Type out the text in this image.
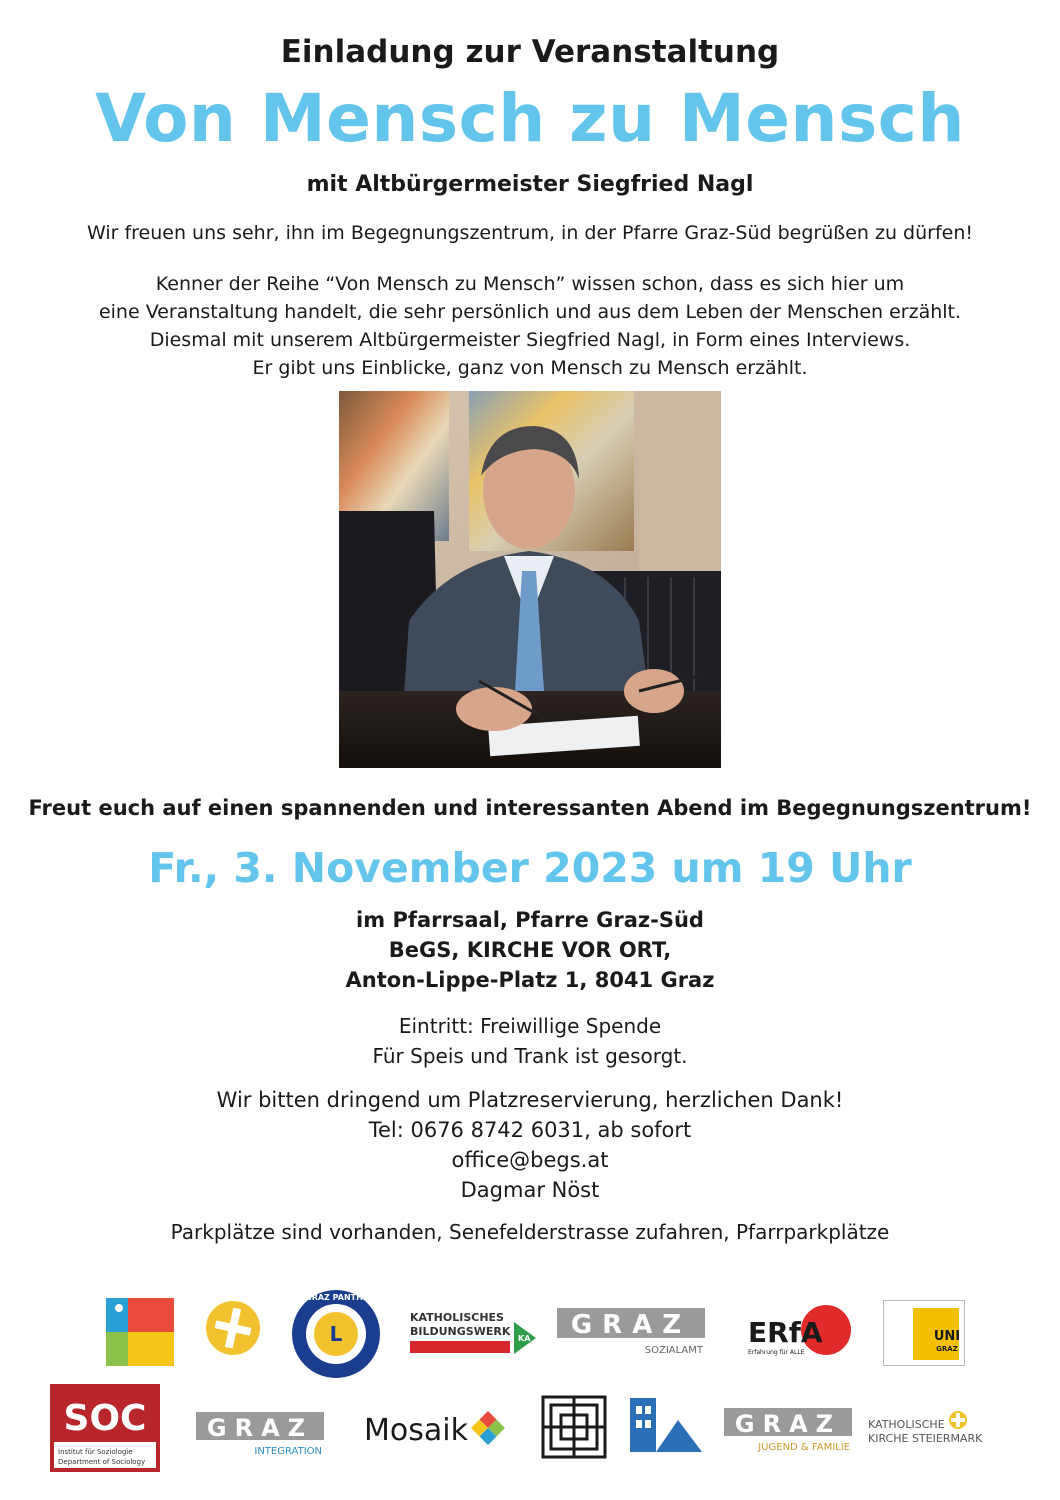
Einladung zur Veranstaltung
Von Mensch zu Mensch
mit Altbürgermeister Siegfried Nagl
Wir freuen uns sehr, ihn im Begegnungszentrum, in der Pfarre Graz-Süd begrüßen zu dürfen!
Kenner der Reihe “Von Mensch zu Mensch” wissen schon, dass es sich hier um
eine Veranstaltung handelt, die sehr persönlich und aus dem Leben der Menschen erzählt.
Diesmal mit unserem Altbürgermeister Siegfried Nagl, in Form eines Interviews.
Er gibt uns Einblicke, ganz von Mensch zu Mensch erzählt.
Freut euch auf einen spannenden und interessanten Abend im Begegnungszentrum!
Fr., 3. November 2023 um 19 Uhr
im Pfarrsaal, Pfarre Graz-Süd
BeGS, KIRCHE VOR ORT,
Anton-Lippe-Platz 1, 8041 Graz
Eintritt: Freiwillige Spende
Für Speis und Trank ist gesorgt.
Wir bitten dringend um Platzreservierung, herzlichen Dank!
Tel: 0676 8742 6031, ab sofort
office@begs.at
Dagmar Nöst
Parkplätze sind vorhanden, Senefelderstrasse zufahren, Pfarrparkplätze
L
LC GRAZ PANTHERA
KATHOLISCHES
BILDUNGSWERK
KA GRAZ
SOZIALAMT
ERfA
Erfahrung für ALLE
UNI
GRAZ
SOC
Institut für Soziologie
Department of Sociology
GRAZ
INTEGRATION
Mosaik	GRAZ
JUGEND & FAMILIE
KATHOLISCHE
KIRCHE STEIERMARK
